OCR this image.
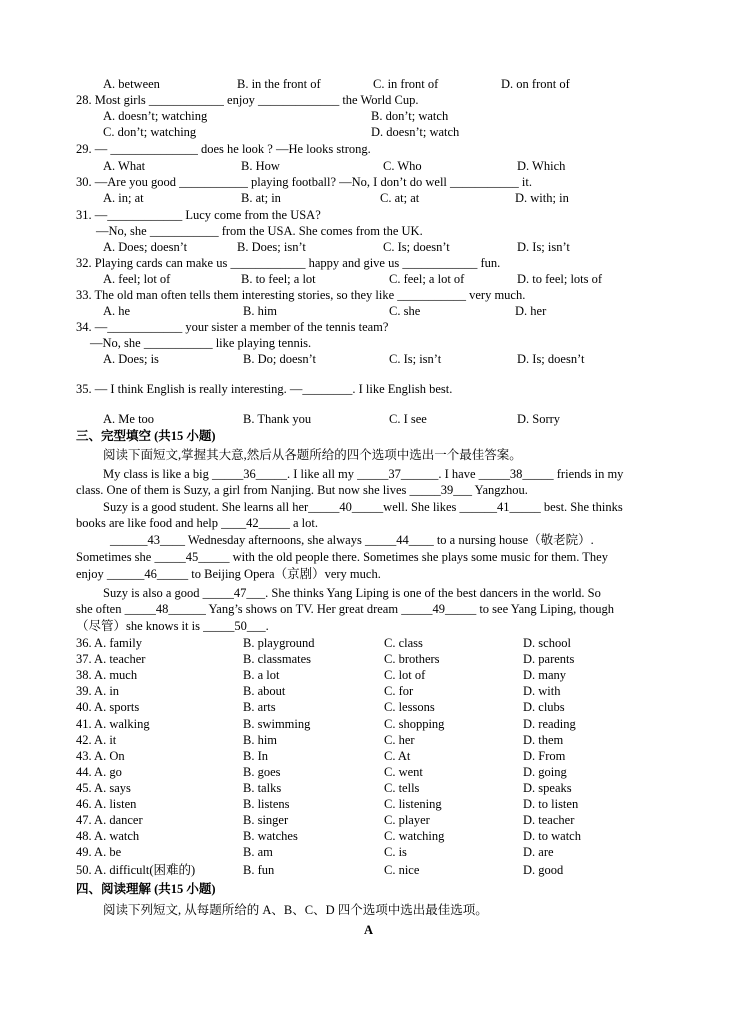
A. between	B. in the front of	C. in front of	D. on front of
28. Most girls ____________ enjoy _____________ the World Cup.
A. doesn’t; watching	B. don’t; watch
C. don’t; watching	D. doesn’t; watch
29. — ______________ does he look ? —He looks strong.
A. What	B. How	C. Who	D. Which
30. —Are you good ___________ playing football? —No, I don’t do well ___________ it.
A. in; at	B. at; in	C. at; at	D. with; in
31. —____________ Lucy come from the USA?
—No, she ___________ from the USA. She comes from the UK.
A. Does; doesn’t	B. Does; isn’t	C. Is; doesn’t	D. Is; isn’t
32. Playing cards can make us ____________ happy and give us ____________ fun.
A. feel; lot of	B. to feel; a lot	C. feel; a lot of	D. to feel; lots of
33. The old man often tells them interesting stories, so they like ___________ very much.
A. he	B. him	C. she	D. her
34. —____________ your sister a member of the tennis team?
—No, she ___________ like playing tennis.
A. Does; is	B. Do; doesn’t	C. Is; isn’t	D. Is; doesn’t
35. — I think English is really interesting. —________. I like English best.
A. Me too	B. Thank you	C. I see	D. Sorry
三、完型填空 (共15 小题)
阅读下面短文,掌握其大意,然后从各题所给的四个选项中选出一个最佳答案。
My class is like a big _____36_____. I like all my _____37______. I have _____38_____ friends in my
class. One of them is Suzy, a girl from Nanjing. But now she lives _____39___ Yangzhou.
Suzy is a good student. She learns all her_____40_____well. She likes ______41_____ best. She thinks
books are like food and help ____42_____ a lot.
______43____ Wednesday afternoons, she always _____44____ to a nursing house（敬老院）.
Sometimes she _____45_____ with the old people there. Sometimes she plays some music for them. They
enjoy ______46_____ to Beijing Opera（京剧）very much.
Suzy is also a good _____47___. She thinks Yang Liping is one of the best dancers in the world. So
she often _____48______ Yang’s shows on TV. Her great dream _____49_____ to see Yang Liping, though
（尽管）she knows it is _____50___.
36. A. family	B. playground	C. class	D. school
37. A. teacher	B. classmates	C. brothers	D. parents
38. A. much	B. a lot	C. lot of	D. many
39. A. in	B. about	C. for	D. with
40. A. sports	B. arts	C. lessons	D. clubs
41. A. walking	B. swimming	C. shopping	D. reading
42. A. it	B. him	C. her	D. them
43. A. On	B. In	C. At	D. From
44. A. go	B. goes	C. went	D. going
45. A. says	B. talks	C. tells	D. speaks
46. A. listen	B. listens	C. listening	D. to listen
47. A. dancer	B. singer	C. player	D. teacher
48. A. watch	B. watches	C. watching	D. to watch
49. A. be	B. am	C. is	D. are
50. A. difficult(困难的)	B. fun	C. nice	D. good
四、阅读理解 (共15 小题)
阅读下列短文, 从每题所给的 A、B、C、D 四个选项中选出最佳选项。
A
